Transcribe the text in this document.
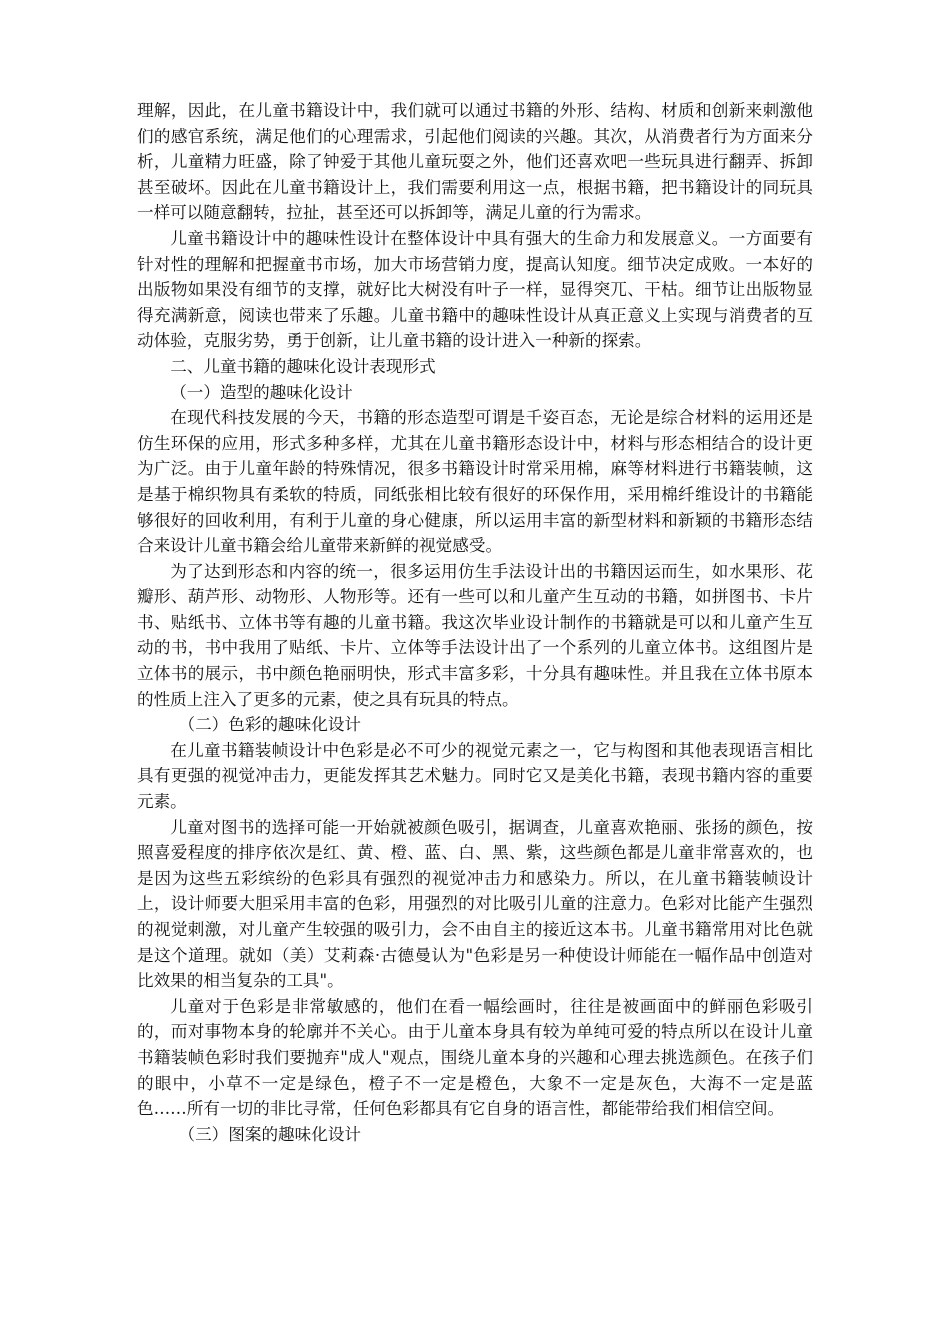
理解，因此，在儿童书籍设计中，我们就可以通过书籍的外形、结构、材质和创新来刺激他们的感官系统，满足他们的心理需求，引起他们阅读的兴趣。其次，从消费者行为方面来分析，儿童精力旺盛，除了钟爱于其他儿童玩耍之外，他们还喜欢吧一些玩具进行翻弄、拆卸甚至破坏。因此在儿童书籍设计上，我们需要利用这一点，根据书籍，把书籍设计的同玩具一样可以随意翻转，拉扯，甚至还可以拆卸等，满足儿童的行为需求。

儿童书籍设计中的趣味性设计在整体设计中具有强大的生命力和发展意义。一方面要有针对性的理解和把握童书市场，加大市场营销力度，提高认知度。细节决定成败。一本好的出版物如果没有细节的支撑，就好比大树没有叶子一样，显得突兀、干枯。细节让出版物显得充满新意，阅读也带来了乐趣。儿童书籍中的趣味性设计从真正意义上实现与消费者的互动体验，克服劣势，勇于创新，让儿童书籍的设计进入一种新的探索。

二、儿童书籍的趣味化设计表现形式

（一）造型的趣味化设计

在现代科技发展的今天，书籍的形态造型可谓是千姿百态，无论是综合材料的运用还是仿生环保的应用，形式多种多样，尤其在儿童书籍形态设计中，材料与形态相结合的设计更为广泛。由于儿童年龄的特殊情况，很多书籍设计时常采用棉，麻等材料进行书籍装帧，这是基于棉织物具有柔软的特质，同纸张相比较有很好的环保作用，采用棉纤维设计的书籍能够很好的回收利用，有利于儿童的身心健康，所以运用丰富的新型材料和新颖的书籍形态结合来设计儿童书籍会给儿童带来新鲜的视觉感受。

为了达到形态和内容的统一，很多运用仿生手法设计出的书籍因运而生，如水果形、花瓣形、葫芦形、动物形、人物形等。还有一些可以和儿童产生互动的书籍，如拼图书、卡片书、贴纸书、立体书等有趣的儿童书籍。我这次毕业设计制作的书籍就是可以和儿童产生互动的书，书中我用了贴纸、卡片、立体等手法设计出了一个系列的儿童立体书。这组图片是立体书的展示，书中颜色艳丽明快，形式丰富多彩，十分具有趣味性。并且我在立体书原本的性质上注入了更多的元素，使之具有玩具的特点。

（二）色彩的趣味化设计

在儿童书籍装帧设计中色彩是必不可少的视觉元素之一，它与构图和其他表现语言相比具有更强的视觉冲击力，更能发挥其艺术魅力。同时它又是美化书籍，表现书籍内容的重要元素。

儿童对图书的选择可能一开始就被颜色吸引，据调查，儿童喜欢艳丽、张扬的颜色，按照喜爱程度的排序依次是红、黄、橙、蓝、白、黑、紫，这些颜色都是儿童非常喜欢的，也是因为这些五彩缤纷的色彩具有强烈的视觉冲击力和感染力。所以，在儿童书籍装帧设计上，设计师要大胆采用丰富的色彩，用强烈的对比吸引儿童的注意力。色彩对比能产生强烈的视觉刺激，对儿童产生较强的吸引力，会不由自主的接近这本书。儿童书籍常用对比色就是这个道理。就如（美）艾莉森·古德曼认为"色彩是另一种使设计师能在一幅作品中创造对比效果的相当复杂的工具"。

儿童对于色彩是非常敏感的，他们在看一幅绘画时，往往是被画面中的鲜丽色彩吸引的，而对事物本身的轮廓并不关心。由于儿童本身具有较为单纯可爱的特点所以在设计儿童书籍装帧色彩时我们要抛弃"成人"观点，围绕儿童本身的兴趣和心理去挑选颜色。在孩子们的眼中，小草不一定是绿色，橙子不一定是橙色，大象不一定是灰色，大海不一定是蓝色……所有一切的非比寻常，任何色彩都具有它自身的语言性，都能带给我们相信空间。

（三）图案的趣味化设计
